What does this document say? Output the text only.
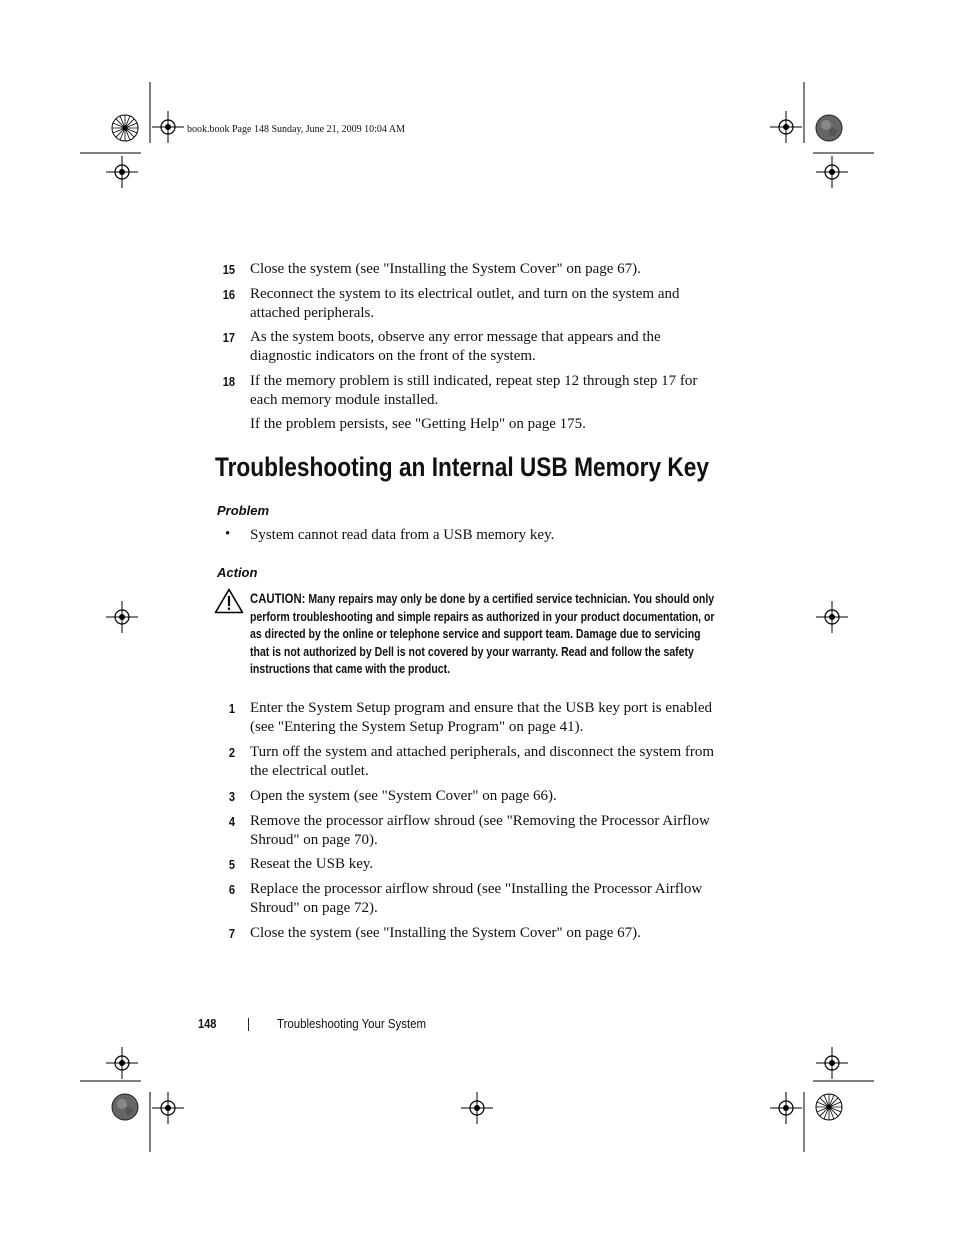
book.book Page 148 Sunday, June 21, 2009 10:04 AM
15 Close the system (see "Installing the System Cover" on page 67).
16 Reconnect the system to its electrical outlet, and turn on the system and attached peripherals.
17 As the system boots, observe any error message that appears and the diagnostic indicators on the front of the system.
18 If the memory problem is still indicated, repeat step 12 through step 17 for each memory module installed.
If the problem persists, see "Getting Help" on page 175.
Troubleshooting an Internal USB Memory Key
Problem
• System cannot read data from a USB memory key.
Action
CAUTION: Many repairs may only be done by a certified service technician. You should only perform troubleshooting and simple repairs as authorized in your product documentation, or as directed by the online or telephone service and support team. Damage due to servicing that is not authorized by Dell is not covered by your warranty. Read and follow the safety instructions that came with the product.
1 Enter the System Setup program and ensure that the USB key port is enabled (see "Entering the System Setup Program" on page 41).
2 Turn off the system and attached peripherals, and disconnect the system from the electrical outlet.
3 Open the system (see "System Cover" on page 66).
4 Remove the processor airflow shroud (see "Removing the Processor Airflow Shroud" on page 70).
5 Reseat the USB key.
6 Replace the processor airflow shroud (see "Installing the Processor Airflow Shroud" on page 72).
7 Close the system (see "Installing the System Cover" on page 67).
148	Troubleshooting Your System
